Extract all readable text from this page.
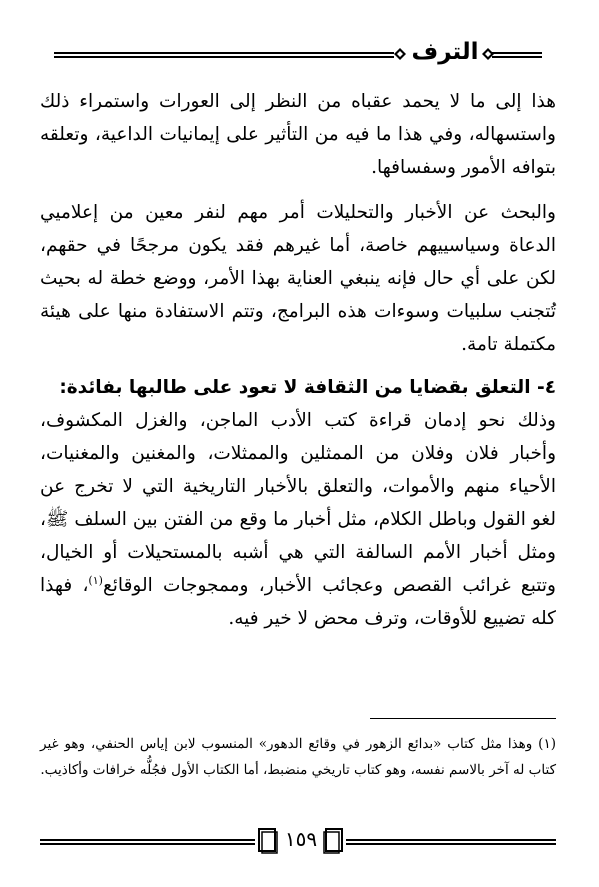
الترف

هذا إلى ما لا يحمد عقباه من النظر إلى العورات واستمراء ذلك واستسهاله، وفي هذا ما فيه من التأثير على إيمانيات الداعية، وتعلقه بتوافه الأمور وسفسافها.

والبحث عن الأخبار والتحليلات أمر مهم لنفر معين من إعلاميي الدعاة وسياسييهم خاصة، أما غيرهم فقد يكون مرجحًا في حقهم، لكن على أي حال فإنه ينبغي العناية بهذا الأمر، ووضع خطة له بحيث تُتجنب سلبيات وسوءات هذه البرامج، وتتم الاستفادة منها على هيئة مكتملة تامة.

٤- التعلق بقضايا من الثقافة لا تعود على طالبها بفائدة:

وذلك نحو إدمان قراءة كتب الأدب الماجن، والغزل المكشوف، وأخبار فلان وفلان من الممثلين والممثلات، والمغنين والمغنيات، الأحياء منهم والأموات، والتعلق بالأخبار التاريخية التي لا تخرج عن لغو القول وباطل الكلام، مثل أخبار ما وقع من الفتن بين السلف ﷺ، ومثل أخبار الأمم السالفة التي هي أشبه بالمستحيلات أو الخيال، وتتبع غرائب القصص وعجائب الأخبار، وممجوجات الوقائع$^{(١)}$، فهذا كله تضييع للأوقات، وترف محض لا خير فيه.

(١) وهذا مثل كتاب «بدائع الزهور في وقائع الدهور» المنسوب لابن إياس الحنفي، وهو غير كتاب له آخر بالاسم نفسه، وهو كتاب تاريخي منضبط، أما الكتاب الأول فجُلُّه خرافات وأكاذيب.
١٥٩
